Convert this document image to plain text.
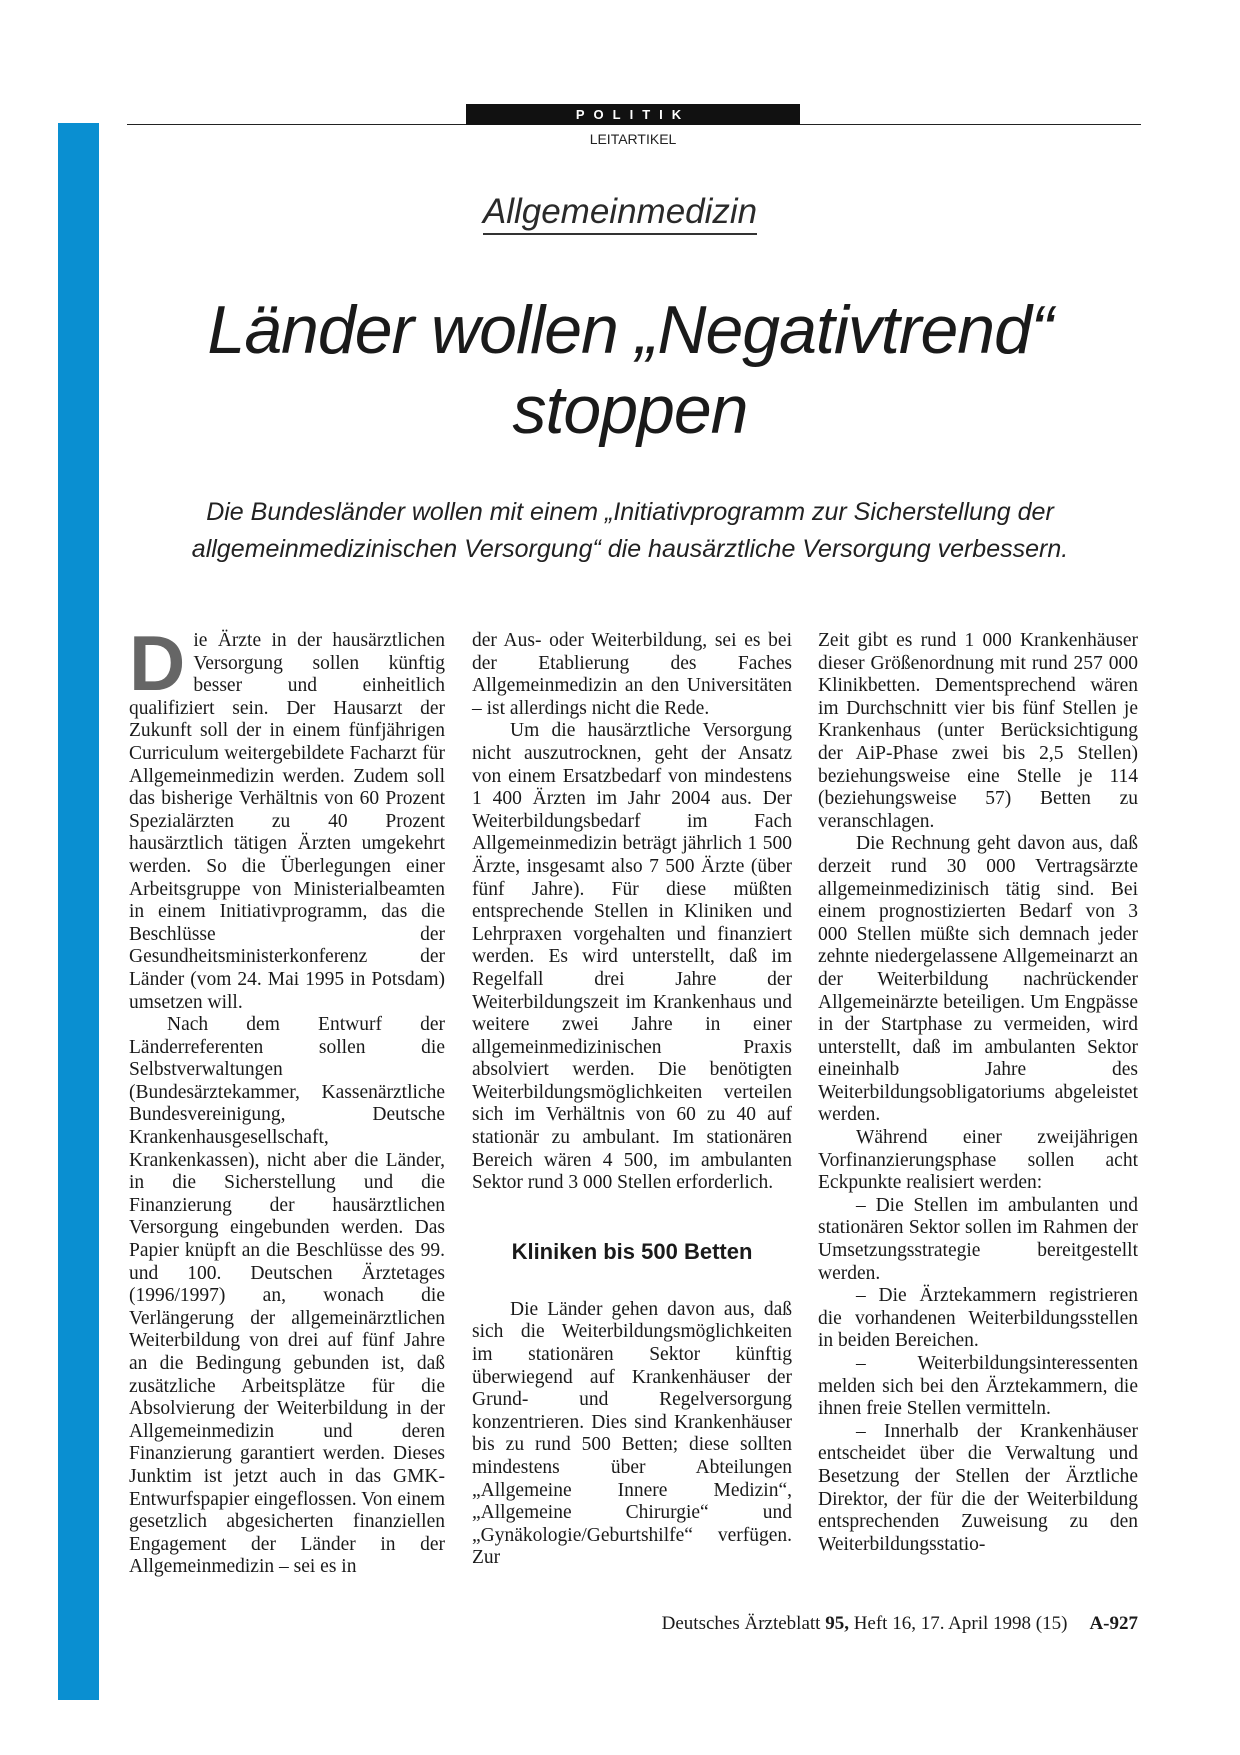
POLITIK
LEITARTIKEL
Allgemeinmedizin
Länder wollen „Negativtrend“ stoppen
Die Bundesländer wollen mit einem „Initiativprogramm zur Sicherstellung der allgemeinmedizinischen Versorgung“ die hausärztliche Versorgung verbessern.

Die Ärzte in der hausärztlichen Versorgung sollen künftig besser und einheitlich qualifiziert sein. Der Hausarzt der Zukunft soll der in einem fünfjährigen Curriculum weitergebildete Facharzt für Allgemeinmedizin werden. Zudem soll das bisherige Verhältnis von 60 Prozent Spezialärzten zu 40 Prozent hausärztlich tätigen Ärzten umgekehrt werden. So die Überlegungen einer Arbeitsgruppe von Ministerialbeamten in einem Initiativprogramm, das die Beschlüsse der Gesundheitsministerkonferenz der Länder (vom 24. Mai 1995 in Potsdam) umsetzen will.

Nach dem Entwurf der Länderreferenten sollen die Selbstverwaltungen (Bundesärztekammer, Kassenärztliche Bundesvereinigung, Deutsche Krankenhausgesellschaft, Krankenkassen), nicht aber die Länder, in die Sicherstellung und die Finanzierung der hausärztlichen Versorgung eingebunden werden. Das Papier knüpft an die Beschlüsse des 99. und 100. Deutschen Ärztetages (1996/1997) an, wonach die Verlängerung der allgemeinärztlichen Weiterbildung von drei auf fünf Jahre an die Bedingung gebunden ist, daß zusätzliche Arbeitsplätze für die Absolvierung der Weiterbildung in der Allgemeinmedizin und deren Finanzierung garantiert werden. Dieses Junktim ist jetzt auch in das GMK-Entwurfspapier eingeflossen. Von einem gesetzlich abgesicherten finanziellen Engagement der Länder in der Allgemeinmedizin – sei es in

der Aus- oder Weiterbildung, sei es bei der Etablierung des Faches Allgemeinmedizin an den Universitäten – ist allerdings nicht die Rede.

Um die hausärztliche Versorgung nicht auszutrocknen, geht der Ansatz von einem Ersatzbedarf von mindestens 1 400 Ärzten im Jahr 2004 aus. Der Weiterbildungsbedarf im Fach Allgemeinmedizin beträgt jährlich 1 500 Ärzte, insgesamt also 7 500 Ärzte (über fünf Jahre). Für diese müßten entsprechende Stellen in Kliniken und Lehrpraxen vorgehalten und finanziert werden. Es wird unterstellt, daß im Regelfall drei Jahre der Weiterbildungszeit im Krankenhaus und weitere zwei Jahre in einer allgemeinmedizinischen Praxis absolviert werden. Die benötigten Weiterbildungsmöglichkeiten verteilen sich im Verhältnis von 60 zu 40 auf stationär zu ambulant. Im stationären Bereich wären 4 500, im ambulanten Sektor rund 3 000 Stellen erforderlich.

Kliniken bis 500 Betten

Die Länder gehen davon aus, daß sich die Weiterbildungsmöglichkeiten im stationären Sektor künftig überwiegend auf Krankenhäuser der Grund- und Regelversorgung konzentrieren. Dies sind Krankenhäuser bis zu rund 500 Betten; diese sollten mindestens über Abteilungen „Allgemeine Innere Medizin“, „Allgemeine Chirurgie“ und „Gynäkologie/Geburtshilfe“ verfügen. Zur

Zeit gibt es rund 1 000 Krankenhäuser dieser Größenordnung mit rund 257 000 Klinikbetten. Dementsprechend wären im Durchschnitt vier bis fünf Stellen je Krankenhaus (unter Berücksichtigung der AiP-Phase zwei bis 2,5 Stellen) beziehungsweise eine Stelle je 114 (beziehungsweise 57) Betten zu veranschlagen.

Die Rechnung geht davon aus, daß derzeit rund 30 000 Vertragsärzte allgemeinmedizinisch tätig sind. Bei einem prognostizierten Bedarf von 3 000 Stellen müßte sich demnach jeder zehnte niedergelassene Allgemeinarzt an der Weiterbildung nachrückender Allgemeinärzte beteiligen. Um Engpässe in der Startphase zu vermeiden, wird unterstellt, daß im ambulanten Sektor eineinhalb Jahre des Weiterbildungsobligatoriums abgeleistet werden.

Während einer zweijährigen Vorfinanzierungsphase sollen acht Eckpunkte realisiert werden:

– Die Stellen im ambulanten und stationären Sektor sollen im Rahmen der Umsetzungsstrategie bereitgestellt werden.

– Die Ärztekammern registrieren die vorhandenen Weiterbildungsstellen in beiden Bereichen.

– Weiterbildungsinteressenten melden sich bei den Ärztekammern, die ihnen freie Stellen vermitteln.

– Innerhalb der Krankenhäuser entscheidet über die Verwaltung und Besetzung der Stellen der Ärztliche Direktor, der für die der Weiterbildung entsprechenden Zuweisung zu den Weiterbildungsstatio-

Deutsches Ärzteblatt 95, Heft 16, 17. April 1998 (15) A-927
